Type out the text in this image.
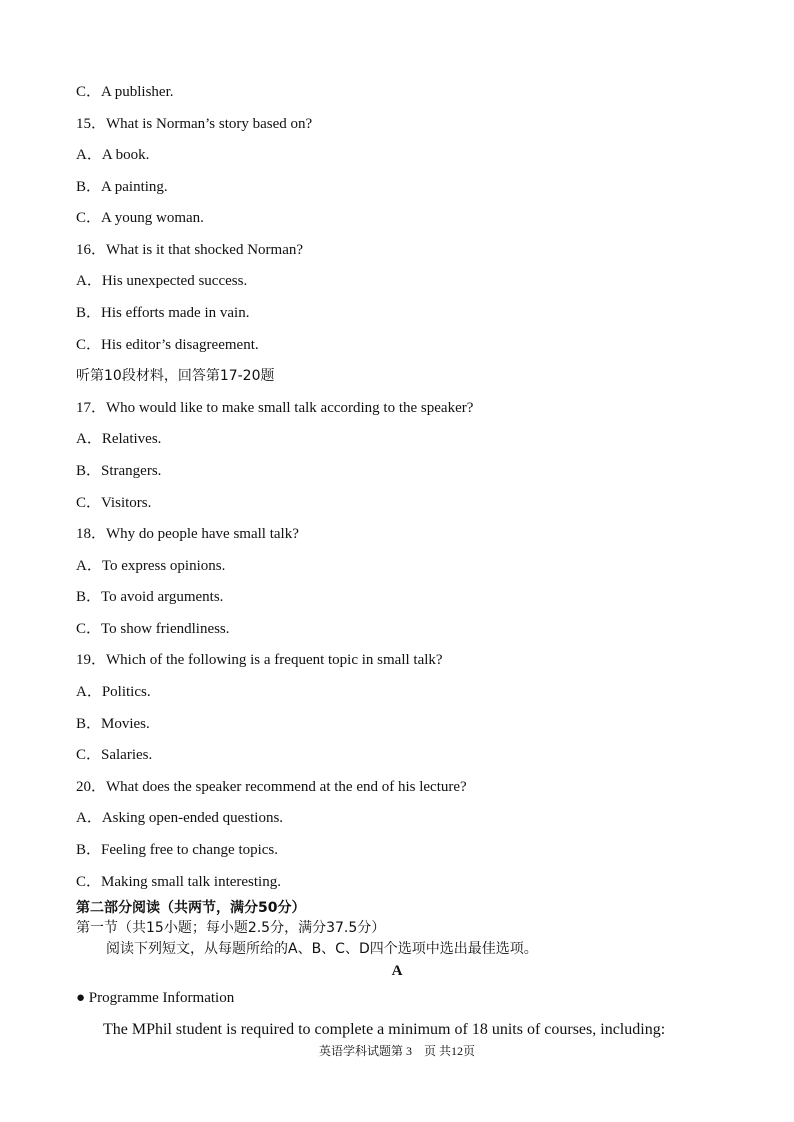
C．A publisher.
15．What is Norman’s story based on?
A．A book.
B．A painting.
C．A young woman.
16．What is it that shocked Norman?
A．His unexpected success.
B．His efforts made in vain.
C．His editor’s disagreement.
听第10段材料，回答第17-20题
17．Who would like to make small talk according to the speaker?
A．Relatives.
B．Strangers.
C．Visitors.
18．Why do people have small talk?
A．To express opinions.
B．To avoid arguments.
C．To show friendliness.
19．Which of the following is a frequent topic in small talk?
A．Politics.
B．Movies.
C．Salaries.
20．What does the speaker recommend at the end of his lecture?
A．Asking open-ended questions.
B．Feeling free to change topics.
C．Making small talk interesting.
第二部分阅读（共两节，满分50分）
第一节（共15小题；每小题2.5分，满分37.5分）
阅读下列短文，从每题所给的A、B、C、D四个选项中选出最佳选项。
A
● Programme Information
The MPhil student is required to complete a minimum of 18 units of courses, including:
英语学科试题第 3　页 共12页
